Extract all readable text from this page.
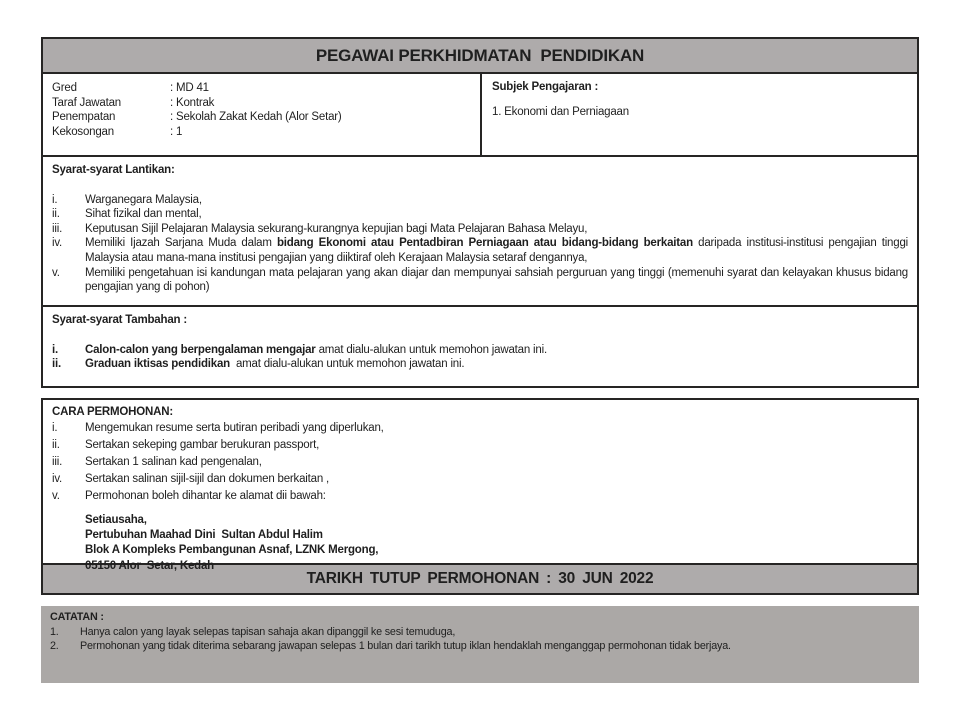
PEGAWAI PERKHIDMATAN  PENDIDIKAN
Gred	: MD 41
Taraf Jawatan	: Kontrak
Penempatan	: Sekolah Zakat Kedah (Alor Setar)
Kekosongan	: 1
Subjek Pengajaran :
1. Ekonomi dan Perniagaan
Syarat-syarat Lantikan:
i.	Warganegara Malaysia,
ii.	Sihat fizikal dan mental,
iii.	Keputusan Sijil Pelajaran Malaysia sekurang-kurangnya kepujian bagi Mata Pelajaran Bahasa Melayu,
iv.	Memiliki Ijazah Sarjana Muda dalam bidang Ekonomi atau Pentadbiran Perniagaan atau bidang-bidang berkaitan daripada institusi-institusi pengajian tinggi Malaysia atau mana-mana institusi pengajian yang diiktiraf oleh Kerajaan Malaysia setaraf dengannya,
v.	Memiliki pengetahuan isi kandungan mata pelajaran yang akan diajar dan mempunyai sahsiah perguruan yang tinggi (memenuhi syarat dan kelayakan khusus bidang pengajian yang di pohon)
Syarat-syarat Tambahan :
i.	Calon-calon yang berpengalaman mengajar amat dialu-alukan untuk memohon jawatan ini.
ii.	Graduan iktisas pendidikan  amat dialu-alukan untuk memohon jawatan ini.
CARA PERMOHONAN:
i.	Mengemukan resume serta butiran peribadi yang diperlukan,
ii.	Sertakan sekeping gambar berukuran passport,
iii.	Sertakan 1 salinan kad pengenalan,
iv.	Sertakan salinan sijil-sijil dan dokumen berkaitan ,
v.	Permohonan boleh dihantar ke alamat dii bawah:
Setiausaha,
Pertubuhan Maahad Dini  Sultan Abdul Halim
Blok A Kompleks Pembangunan Asnaf, LZNK Mergong,
05150 Alor  Setar, Kedah
TARIKH TUTUP PERMOHONAN : 30 JUN 2022
CATATAN :
1.	Hanya calon yang layak selepas tapisan sahaja akan dipanggil ke sesi temuduga,
2.	Permohonan yang tidak diterima sebarang jawapan selepas 1 bulan dari tarikh tutup iklan hendaklah menganggap permohonan tidak berjaya.
